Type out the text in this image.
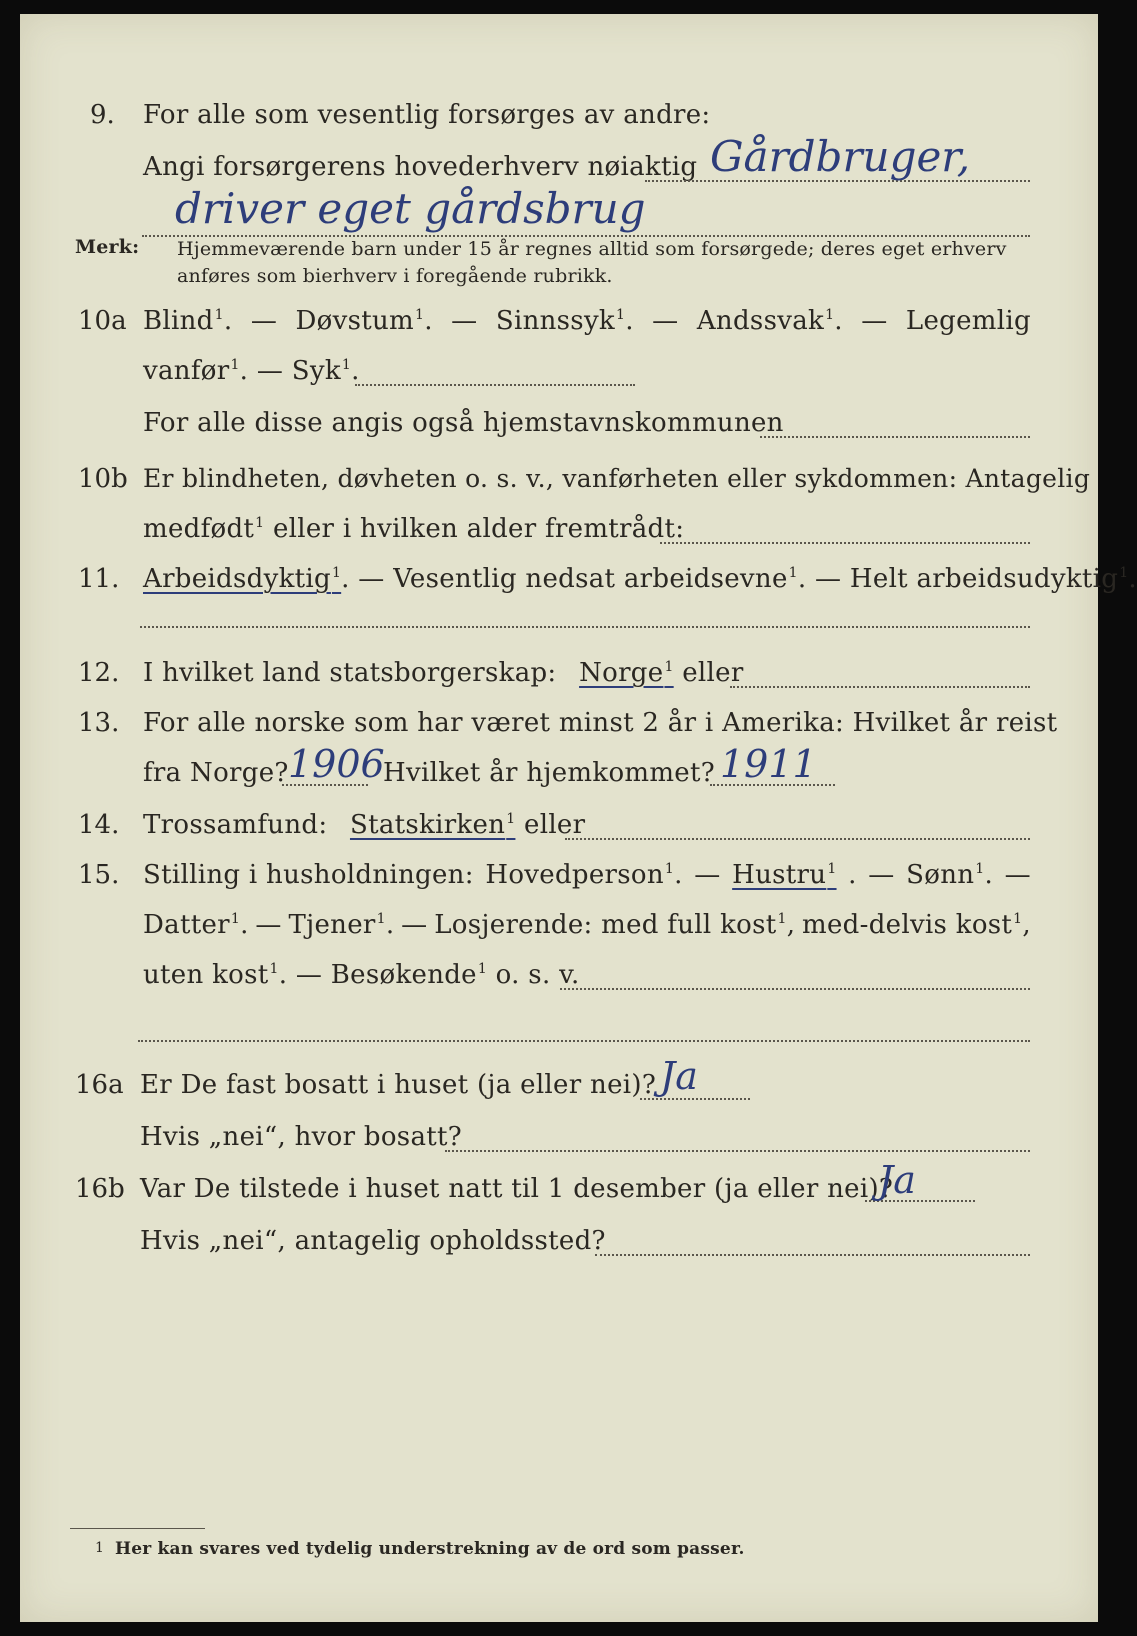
9. For alle som vesentlig forsørges av andre:
Angi forsørgerens hovederhverv nøiaktig Gårdbruger,
driver eget gårdsbrug
Merk: Hjemmeværende barn under 15 år regnes alltid som forsørgede; deres eget erhverv
anføres som bierhverv i foregående rubrikk.
10a Blind$^1$. — Døvstum$^1$. — Sinnssyk$^1$. — Andssvak$^1$. — Legemlig
vanfør$^1$. — Syk$^1$.
For alle disse angis også hjemstavnskommunen
10b Er blindheten, døvheten o. s. v., vanførheten eller sykdommen: Antagelig
medfødt$^1$ eller i hvilken alder fremtrådt:
11. Arbeidsdyktig$^1$. — Vesentlig nedsat arbeidsevne$^1$. — Helt arbeidsudyktig$^1$.
12. I hvilket land statsborgerskap: Norge$^1$ eller
13. For alle norske som har været minst 2 år i Amerika: Hvilket år reist
fra Norge? 1906
Hvilket år hjemkommet? 1911
14. Trossamfund: Statskirken$^1$ eller
15. Stilling i husholdningen: Hovedperson$^1$. — Hustru$^1$ . — Sønn$^1$. —
Datter$^1$. — Tjener$^1$. — Losjerende: med full kost$^1$, med-delvis kost$^1$,
uten kost$^1$. — Besøkende$^1$ o. s. v.
16a Er De fast bosatt i huset (ja eller nei)? Ja
Hvis „nei“, hvor bosatt?
16b Var De tilstede i huset natt til 1 desember (ja eller nei)?
Ja
Hvis „nei“, antagelig opholdssted?
1 Her kan svares ved tydelig understrekning av de ord som passer.
